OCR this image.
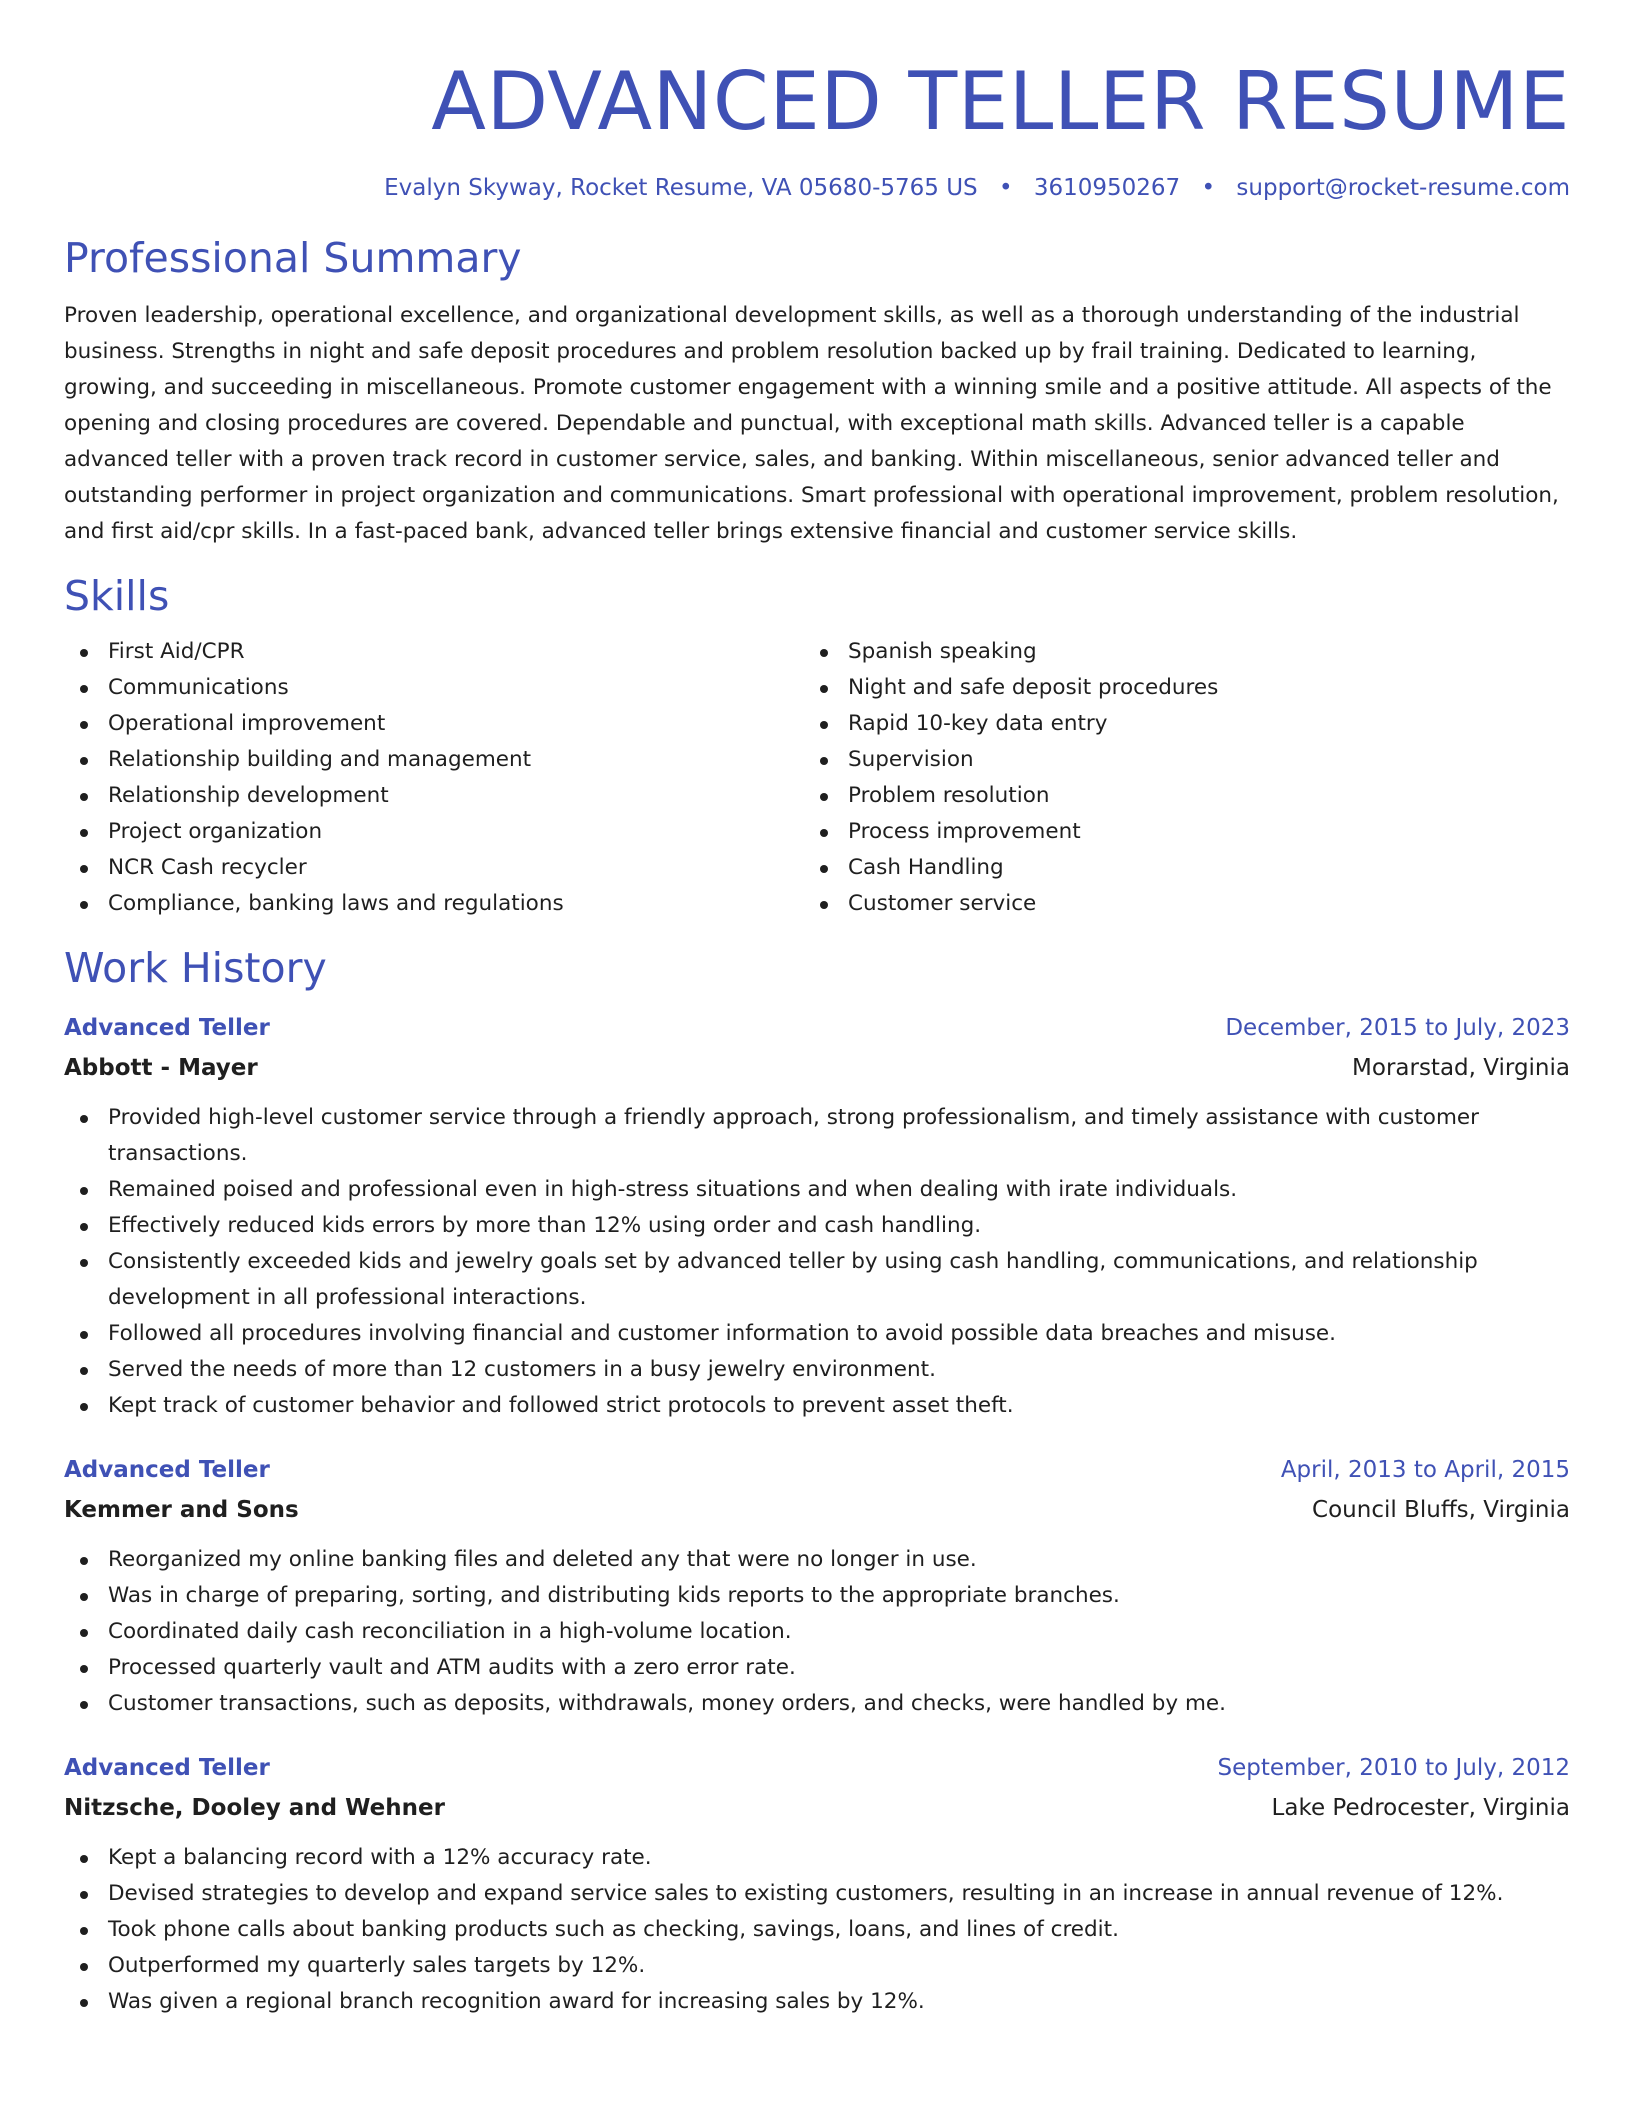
ADVANCED TELLER RESUME
Evalyn Skyway, Rocket Resume, VA 05680-5765 US • 3610950267 • support@rocket-resume.com
Professional Summary

Proven leadership, operational excellence, and organizational development skills, as well as a thorough understanding of the industrial business. Strengths in night and safe deposit procedures and problem resolution backed up by frail training. Dedicated to learning, growing, and succeeding in miscellaneous. Promote customer engagement with a winning smile and a positive attitude. All aspects of the opening and closing procedures are covered. Dependable and punctual, with exceptional math skills. Advanced teller is a capable advanced teller with a proven track record in customer service, sales, and banking. Within miscellaneous, senior advanced teller and outstanding performer in project organization and communications. Smart professional with operational improvement, problem resolution, and first aid/cpr skills. In a fast-paced bank, advanced teller brings extensive financial and customer service skills.

Skills
First Aid/CPR
Communications
Operational improvement
Relationship building and management
Relationship development
Project organization
NCR Cash recycler
Compliance, banking laws and regulations
Spanish speaking
Night and safe deposit procedures
Rapid 10-key data entry
Supervision
Problem resolution
Process improvement
Cash Handling
Customer service
Work History
Advanced Teller	December, 2015 to July, 2023
Abbott - Mayer	Morarstad, Virginia
Provided high-level customer service through a friendly approach, strong professionalism, and timely assistance with customer transactions.
Remained poised and professional even in high-stress situations and when dealing with irate individuals.
Effectively reduced kids errors by more than 12% using order and cash handling.
Consistently exceeded kids and jewelry goals set by advanced teller by using cash handling, communications, and relationship development in all professional interactions.
Followed all procedures involving financial and customer information to avoid possible data breaches and misuse.
Served the needs of more than 12 customers in a busy jewelry environment.
Kept track of customer behavior and followed strict protocols to prevent asset theft.
Advanced Teller	April, 2013 to April, 2015
Kemmer and Sons	Council Bluffs, Virginia
Reorganized my online banking files and deleted any that were no longer in use.
Was in charge of preparing, sorting, and distributing kids reports to the appropriate branches.
Coordinated daily cash reconciliation in a high-volume location.
Processed quarterly vault and ATM audits with a zero error rate.
Customer transactions, such as deposits, withdrawals, money orders, and checks, were handled by me.
Advanced Teller	September, 2010 to July, 2012
Nitzsche, Dooley and Wehner	Lake Pedrocester, Virginia
Kept a balancing record with a 12% accuracy rate.
Devised strategies to develop and expand service sales to existing customers, resulting in an increase in annual revenue of 12%.
Took phone calls about banking products such as checking, savings, loans, and lines of credit.
Outperformed my quarterly sales targets by 12%.
Was given a regional branch recognition award for increasing sales by 12%.
